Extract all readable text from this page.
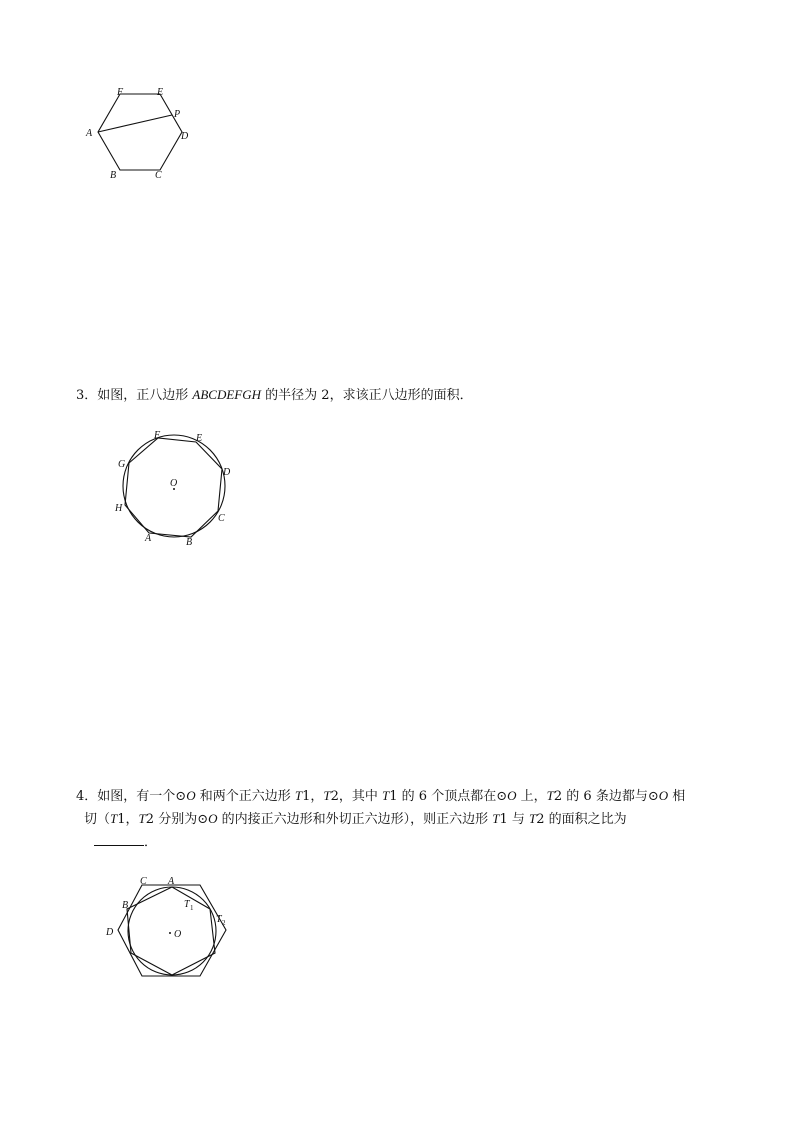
A
B	C
D
E
F
P
3．如图，正八边形 ABCDEFGH 的半径为 2，求该正八边形的面积．
O
A	B
C
D
E
F
G
H
4．如图，有一个⊙O 和两个正六边形 T1，T2，其中 T1 的 6 个顶点都在⊙O 上，T2 的 6 条边都与⊙O 相
切（T1，T2 分别为⊙O 的内接正六边形和外切正六边形），则正六边形 T1 与 T2 的面积之比为
．
O
A
C
B
D
T 1
T 2
